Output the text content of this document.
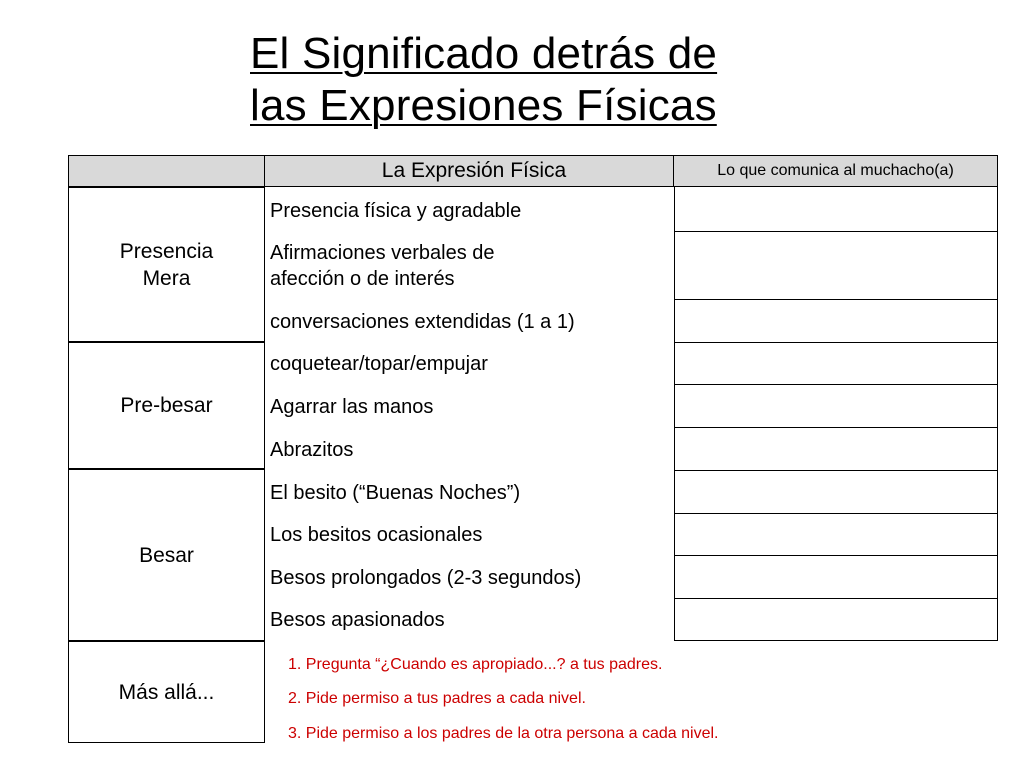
El Significado detrás de
las Expresiones Físicas
La Expresión Física	Lo que comunica al muchacho(a)
Presencia
Mera
Pre-besar
Besar
Más allá...
Presencia física y agradable
Afirmaciones verbales de
afección o de interés
conversaciones extendidas (1 a 1)
coquetear/topar/empujar
Agarrar las manos
Abrazitos
El besito (“Buenas Noches”)
Los besitos ocasionales
Besos prolongados (2-3 segundos)
Besos apasionados
1. Pregunta “¿Cuando es apropiado...? a tus padres.
2. Pide permiso a tus padres a cada nivel.
3. Pide permiso a los padres de la otra persona a cada nivel.
